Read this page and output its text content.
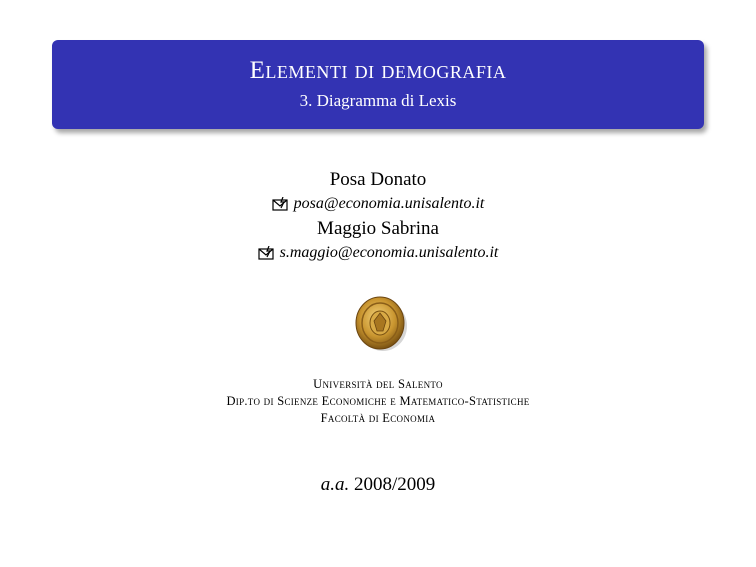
Elementi di demografia
3. Diagramma di Lexis
Posa Donato
posa@economia.unisalento.it
Maggio Sabrina
s.maggio@economia.unisalento.it
Università del Salento
Dip.to di Scienze Economiche e Matematico-Statistiche
Facoltà di Economia
a.a. 2008/2009
